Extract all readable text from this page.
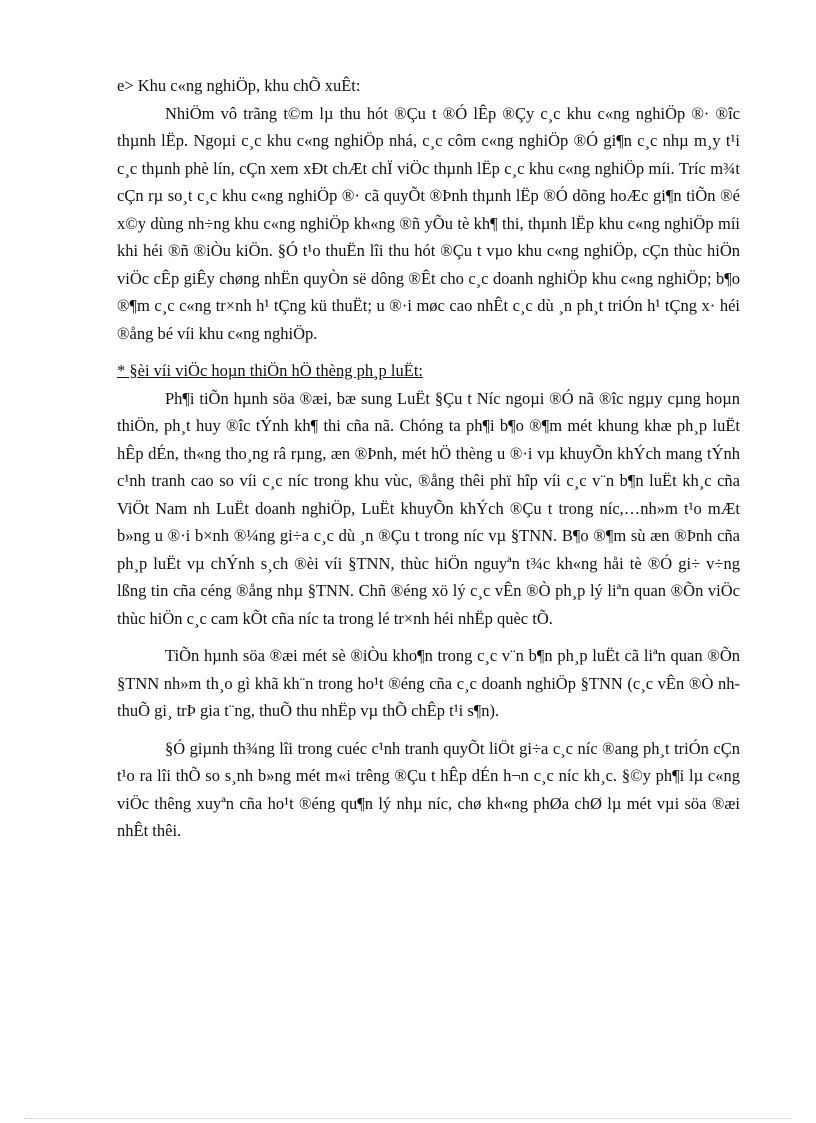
e> Khu c«ng nghiÖp, khu chÕ xuÊt:

NhiÖm vô trãng t©m lµ thu hót ®Çu t ®Ó lÊp ®Çy c¸c khu c«ng nghiÖp ®· ®îc thµnh lËp. Ngoµi c¸c khu c«ng nghiÖp nhá, c¸c côm c«ng nghiÖp ®Ó gi¶n c¸c nhµ m¸y t¹i c¸c thµnh phè lín, cÇn xem xÐt chÆt chÏ viÖc thµnh lËp c¸c khu c«ng nghiÖp míi. Tríc m¾t cÇn rµ so¸t c¸c khu c«ng nghiÖp ®· cã quyÕt ®Þnh thµnh lËp ®Ó dõng hoÆc gi¶n tiÕn ®é x©y dùng nh÷ng khu c«ng nghiÖp kh«ng ®ñ yÕu tè kh¶ thi, thµnh lËp khu c«ng nghiÖp míi khi héi ®ñ ®iÒu kiÖn. §Ó t¹o thuËn lîi thu hót ®Çu t vµo khu c«ng nghiÖp, cÇn thùc hiÖn viÖc cÊp giÊy chøng nhËn quyÒn së dông ®Êt cho c¸c doanh nghiÖp khu c«ng nghiÖp; b¶o ®¶m c¸c c«ng tr×nh h¹ tÇng kü thuËt; u ®·i møc cao nhÊt c¸c dù ¸n ph¸t triÓn h¹ tÇng x· héi ®ång bé víi khu c«ng nghiÖp.

* §èi víi viÖc hoµn thiÖn hÖ thèng ph¸p luËt:

Ph¶i tiÕn hµnh söa ®æi, bæ sung LuËt §Çu t Níc ngoµi ®Ó nã ®îc ngµy cµng hoµn thiÖn, ph¸t huy ®îc tÝnh kh¶ thi cña nã. Chóng ta ph¶i b¶o ®¶m mét khung khæ ph¸p luËt hÊp dÉn, th«ng tho¸ng râ rµng, æn ®Þnh, mét hÖ thèng u ®·i vµ khuyÕn khÝch mang tÝnh c¹nh tranh cao so víi c¸c níc trong khu vùc, ®ång thêi phï hîp víi c¸c v¨n b¶n luËt kh¸c cña ViÖt Nam nh LuËt doanh nghiÖp, LuËt khuyÕn khÝch ®Çu t trong níc,…nh»m t¹o mÆt b»ng u ®·i b×nh ®¼ng gi÷a c¸c dù ¸n ®Çu t trong níc vµ §TNN. B¶o ®¶m sù æn ®Þnh cña ph¸p luËt vµ chÝnh s¸ch ®èi víi §TNN, thùc hiÖn nguyªn t¾c kh«ng håi tè ®Ó gi÷ v÷ng lßng tin cña céng ®ång nhµ §TNN. Chñ ®éng xö lý c¸c vÊn ®Ò ph¸p lý liªn quan ®Õn viÖc thùc hiÖn c¸c cam kÕt cña níc ta trong lé tr×nh héi nhËp quèc tÕ.

TiÕn hµnh söa ®æi mét sè ®iÒu kho¶n trong c¸c v¨n b¶n ph¸p luËt cã liªn quan ®Õn §TNN nh»m th¸o gì khã kh¨n trong ho¹t ®éng cña c¸c doanh nghiÖp §TNN (c¸c vÊn ®Ò nh thuÕ gi¸ trÞ gia t¨ng, thuÕ thu nhËp vµ thÕ chÊp t¹i s¶n).

§Ó giµnh th¾ng lîi trong cuéc c¹nh tranh quyÕt liÖt gi÷a c¸c níc ®ang ph¸t triÓn cÇn t¹o ra lîi thÕ so s¸nh b»ng mét m«i trêng ®Çu t hÊp dÉn h¬n c¸c níc kh¸c. §©y ph¶i lµ c«ng viÖc thêng xuyªn cña ho¹t ®éng qu¶n lý nhµ níc, chø kh«ng phØa chØ lµ mét vµi söa ®æi nhÊt thêi.
